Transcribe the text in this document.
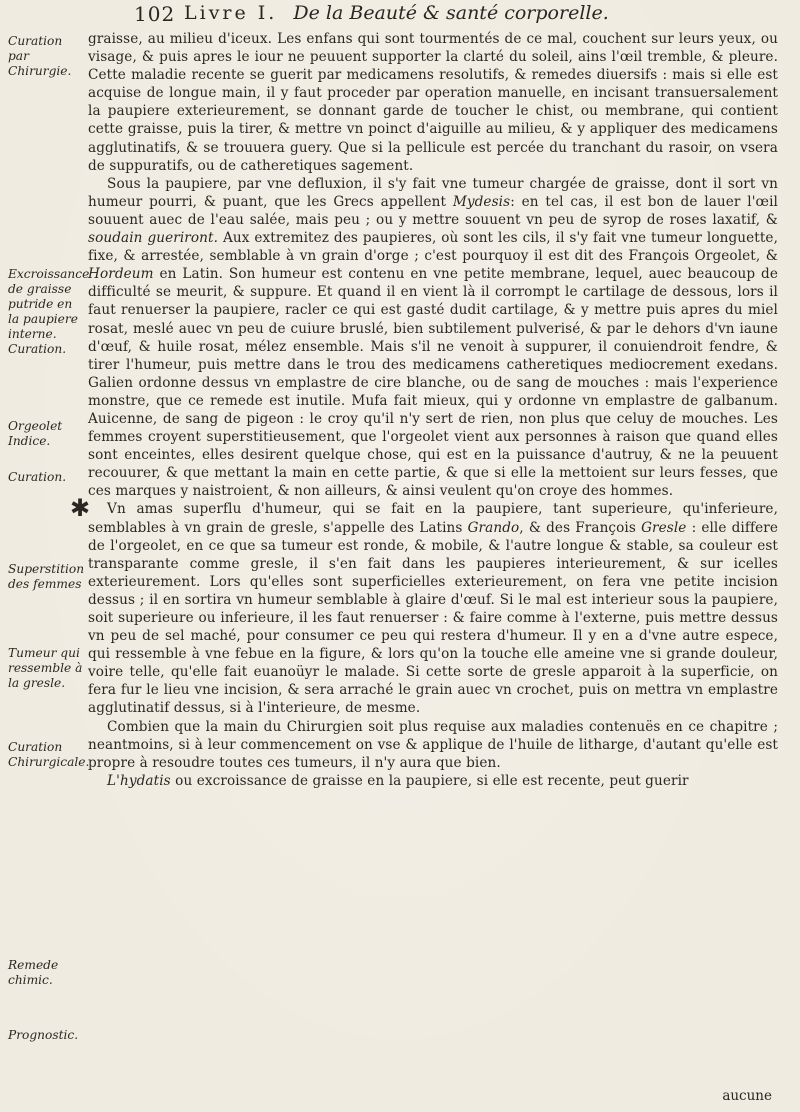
102 Livre I. De la Beauté & santé corporelle.
Curation par Chirurgie.
Excroissance de graisse putride en la paupiere interne. Curation.
Orgeolet Indice.
Curation.
Superstition des femmes
Tumeur qui ressemble à la gresle.
Curation Chirurgicale.
Remede chimic.
Prognostic.
✱
graisse, au milieu d'iceux. Les enfans qui sont tourmentés de ce mal, couchent sur leurs yeux, ou visage, & puis apres le iour ne peuuent supporter la clarté du soleil, ains l'œil tremble, & pleure. Cette maladie recente se guerit par medicamens resolutifs, & remedes diuersifs : mais si elle est acquise de longue main, il y faut proceder par operation manuelle, en incisant transuersalement la paupiere exterieurement, se donnant garde de toucher le chist, ou membrane, qui contient cette graisse, puis la tirer, & mettre vn poinct d'aiguille au milieu, & y appliquer des medicamens agglutinatifs, & se trouuera guery. Que si la pellicule est percée du tranchant du rasoir, on vsera de suppuratifs, ou de catheretiques sagement.
Sous la paupiere, par vne defluxion, il s'y fait vne tumeur chargée de graisse, dont il sort vn humeur pourri, & puant, que les Grecs appellent Mydesis: en tel cas, il est bon de lauer l'œil souuent auec de l'eau salée, mais peu ; ou y mettre souuent vn peu de syrop de roses laxatif, & soudain gueriront. Aux extremitez des paupieres, où sont les cils, il s'y fait vne tumeur longuette, fixe, & arrestée, semblable à vn grain d'orge ; c'est pourquoy il est dit des François Orgeolet, & Hordeum en Latin. Son humeur est contenu en vne petite membrane, lequel, auec beaucoup de difficulté se meurit, & suppure. Et quand il en vient là il corrompt le cartilage de dessous, lors il faut renuerser la paupiere, racler ce qui est gasté dudit cartilage, & y mettre puis apres du miel rosat, meslé auec vn peu de cuiure bruslé, bien subtilement pulverisé, & par le dehors d'vn iaune d'œuf, & huile rosat, mélez ensemble. Mais s'il ne venoit à suppurer, il conuiendroit fendre, & tirer l'humeur, puis mettre dans le trou des medicamens catheretiques mediocrement exedans. Galien ordonne dessus vn emplastre de cire blanche, ou de sang de mouches : mais l'experience monstre, que ce remede est inutile. Mufa fait mieux, qui y ordonne vn emplastre de galbanum. Auicenne, de sang de pigeon : le croy qu'il n'y sert de rien, non plus que celuy de mouches. Les femmes croyent superstitieusement, que l'orgeolet vient aux personnes à raison que quand elles sont enceintes, elles desirent quelque chose, qui est en la puissance d'autruy, & ne la peuuent recouurer, & que mettant la main en cette partie, & que si elle la mettoient sur leurs fesses, que ces marques y naistroient, & non ailleurs, & ainsi veulent qu'on croye des hommes.
Vn amas superflu d'humeur, qui se fait en la paupiere, tant superieure, qu'inferieure, semblables à vn grain de gresle, s'appelle des Latins Grando, & des François Gresle : elle differe de l'orgeolet, en ce que sa tumeur est ronde, & mobile, & l'autre longue & stable, sa couleur est transparante comme gresle, il s'en fait dans les paupieres interieurement, & sur icelles exterieurement. Lors qu'elles sont superficielles exterieurement, on fera vne petite incision dessus ; il en sortira vn humeur semblable à glaire d'œuf. Si le mal est interieur sous la paupiere, soit superieure ou inferieure, il les faut renuerser : & faire comme à l'externe, puis mettre dessus vn peu de sel maché, pour consumer ce peu qui restera d'humeur. Il y en a d'vne autre espece, qui ressemble à vne febue en la figure, & lors qu'on la touche elle ameine vne si grande douleur, voire telle, qu'elle fait euanoüyr le malade. Si cette sorte de gresle apparoit à la superficie, on fera fur le lieu vne incision, & sera arraché le grain auec vn crochet, puis on mettra vn emplastre agglutinatif dessus, si à l'interieure, de mesme.
Combien que la main du Chirurgien soit plus requise aux maladies contenuës en ce chapitre ; neantmoins, si à leur commencement on vse & applique de l'huile de litharge, d'autant qu'elle est propre à resoudre toutes ces tumeurs, il n'y aura que bien.
L'hydatis ou excroissance de graisse en la paupiere, si elle est recente, peut guerir
aucune
